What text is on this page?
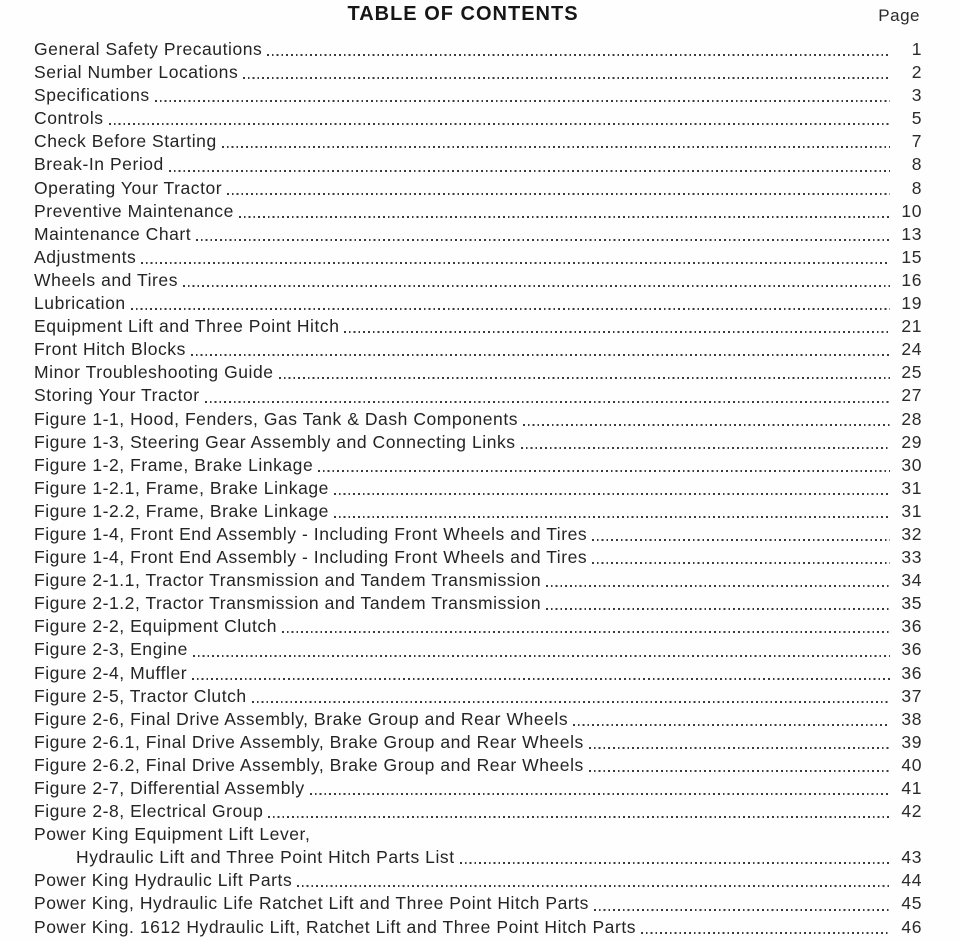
TABLE OF CONTENTS	Page
General Safety Precautions	1
Serial Number Locations	2
Specifications	3
Controls	5
Check Before Starting	7
Break-In Period	8
Operating Your Tractor	8
Preventive Maintenance	10
Maintenance Chart	13
Adjustments	15
Wheels and Tires	16
Lubrication	19
Equipment Lift and Three Point Hitch	21
Front Hitch Blocks	24
Minor Troubleshooting Guide	25
Storing Your Tractor	27
Figure 1-1, Hood, Fenders, Gas Tank & Dash Components	28
Figure 1-3, Steering Gear Assembly and Connecting Links	29
Figure 1-2, Frame, Brake Linkage	30
Figure 1-2.1, Frame, Brake Linkage	31
Figure 1-2.2, Frame, Brake Linkage	31
Figure 1-4, Front End Assembly - Including Front Wheels and Tires	32
Figure 1-4, Front End Assembly - Including Front Wheels and Tires	33
Figure 2-1.1, Tractor Transmission and Tandem Transmission	34
Figure 2-1.2, Tractor Transmission and Tandem Transmission	35
Figure 2-2, Equipment Clutch	36
Figure 2-3, Engine	36
Figure 2-4, Muffler	36
Figure 2-5, Tractor Clutch	37
Figure 2-6, Final Drive Assembly, Brake Group and Rear Wheels	38
Figure 2-6.1, Final Drive Assembly, Brake Group and Rear Wheels	39
Figure 2-6.2, Final Drive Assembly, Brake Group and Rear Wheels	40
Figure 2-7, Differential Assembly	41
Figure 2-8, Electrical Group	42
Power King Equipment Lift Lever,
Hydraulic Lift and Three Point Hitch Parts List	43
Power King Hydraulic Lift Parts	44
Power King, Hydraulic Life Ratchet Lift and Three Point Hitch Parts	45
Power King. 1612 Hydraulic Lift, Ratchet Lift and Three Point Hitch Parts	46
